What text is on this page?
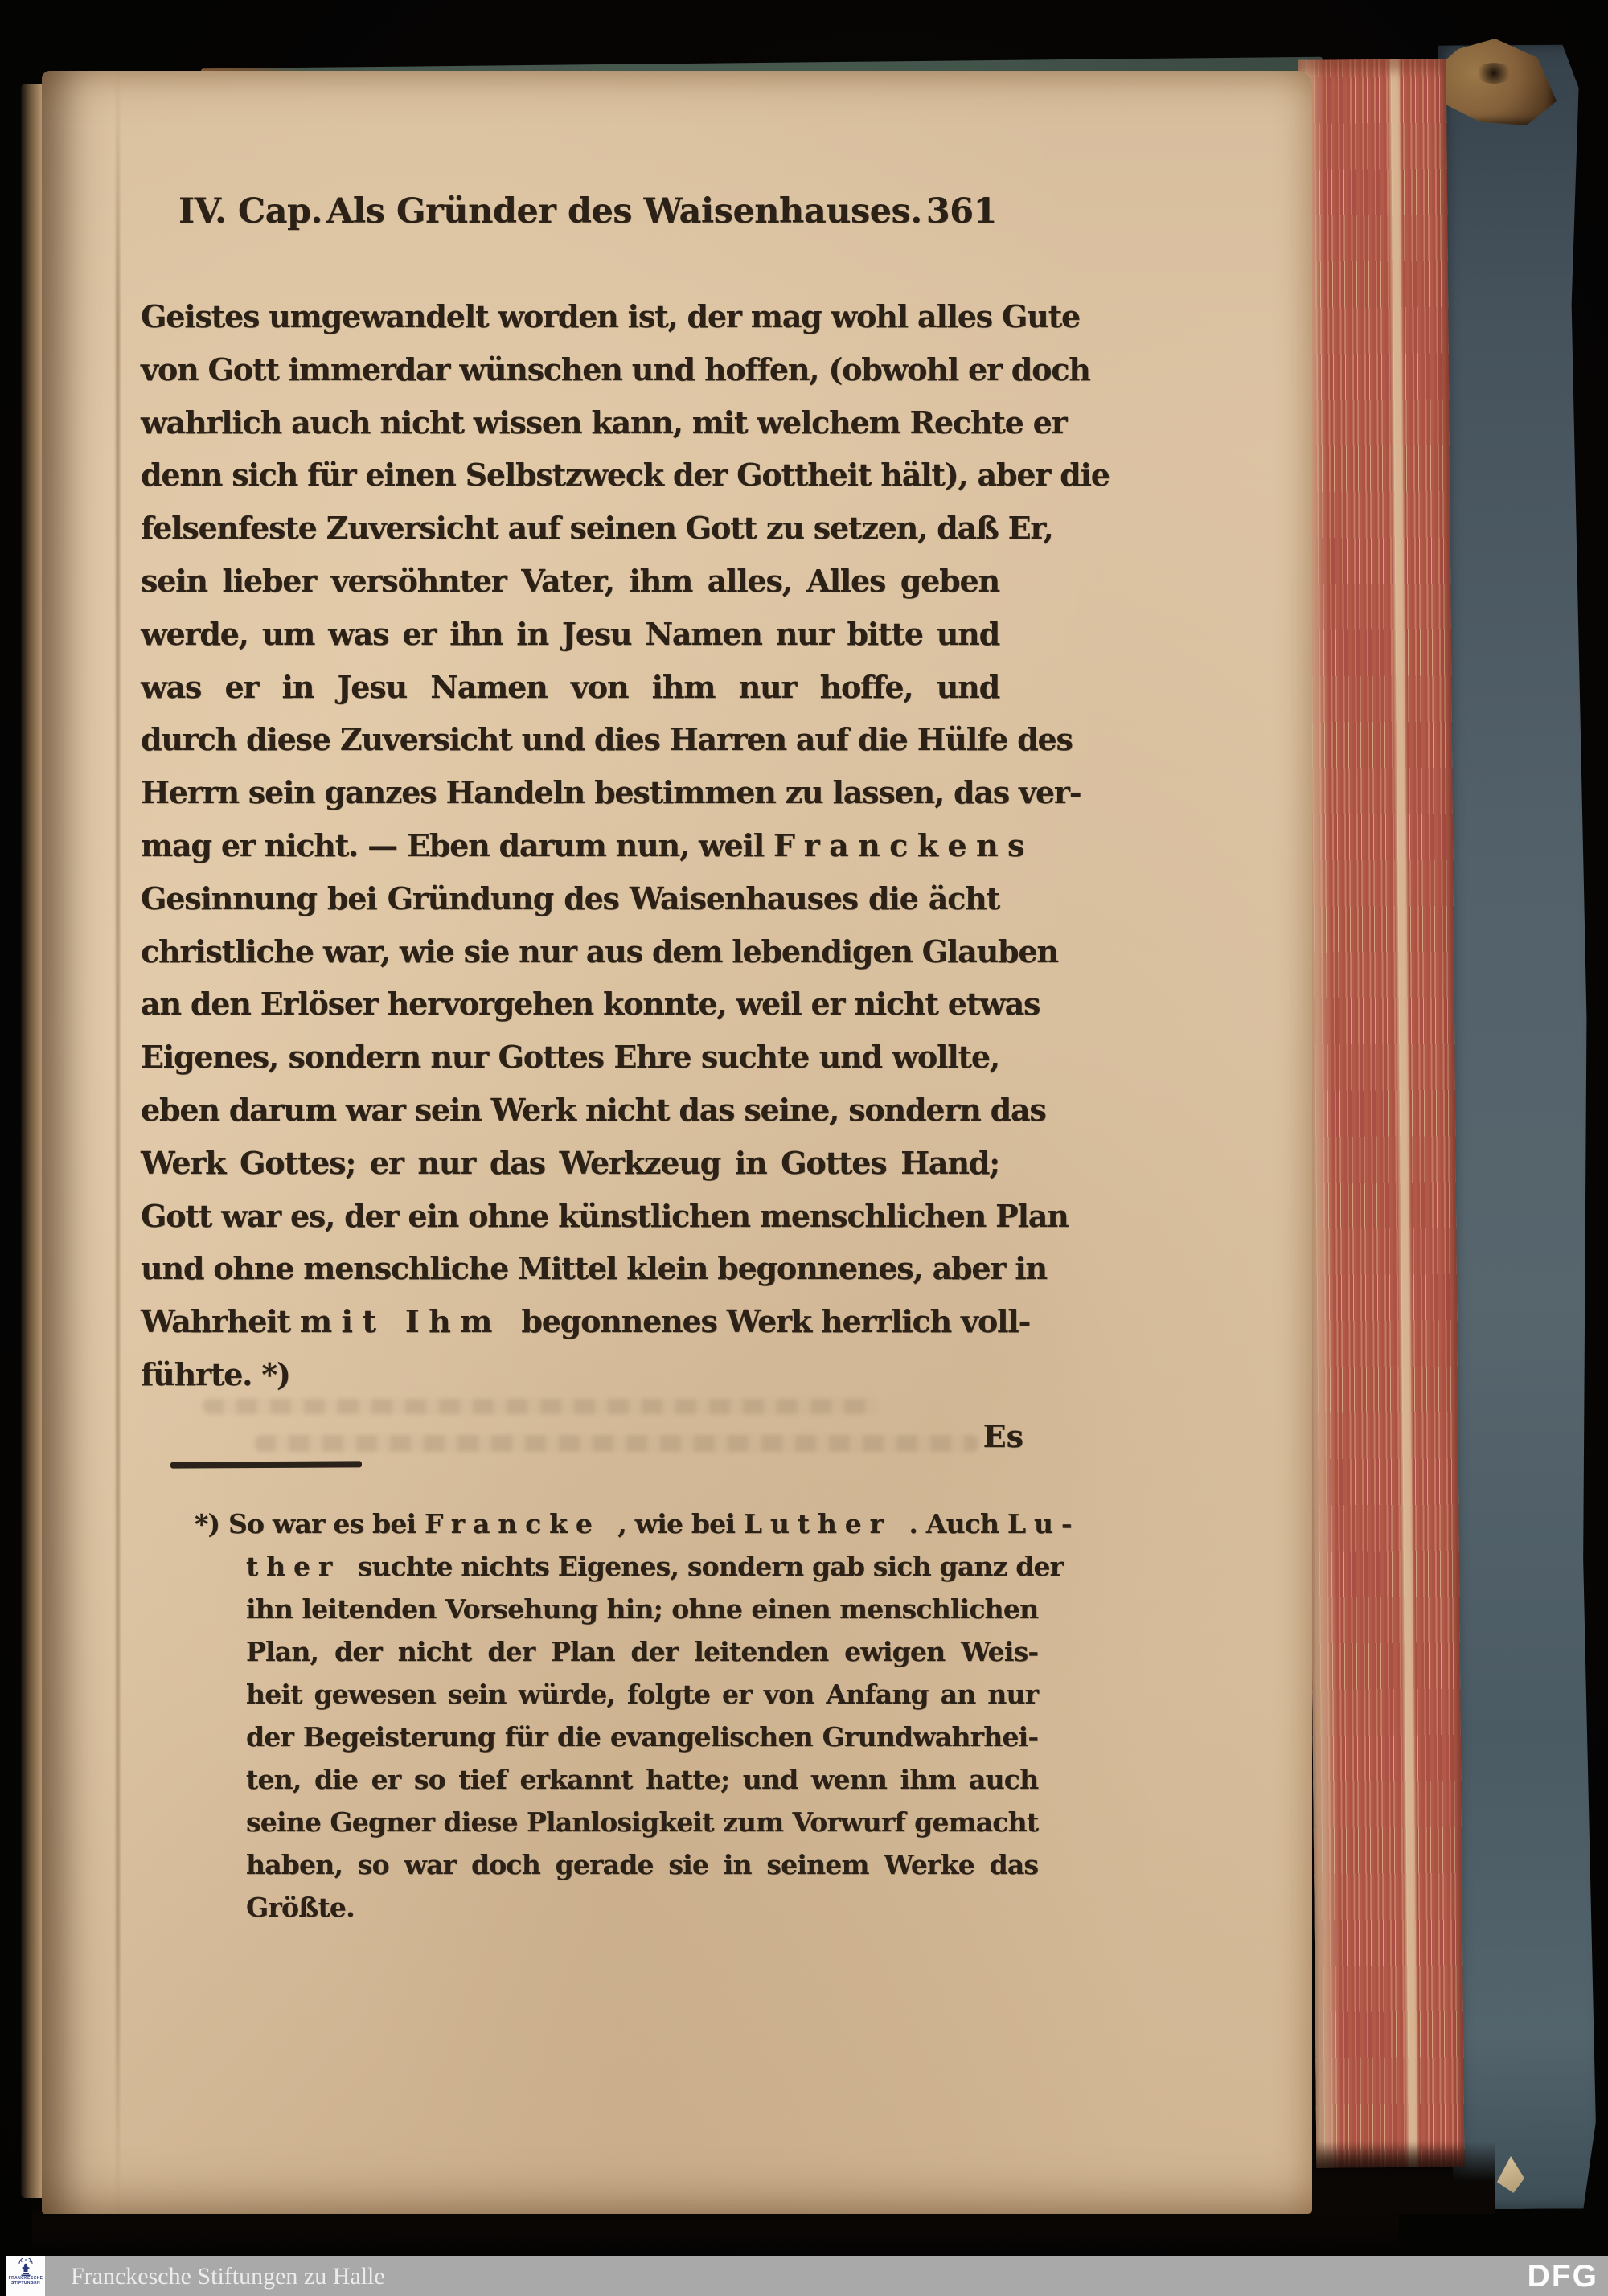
IV. Cap. Als Gründer des Waisenhauses. 361
Geistes umgewandelt worden ist, der mag wohl alles Gute
von Gott immerdar wünschen und hoffen, (obwohl er doch
wahrlich auch nicht wissen kann, mit welchem Rechte er
denn sich für einen Selbstzweck der Gottheit hält), aber die
felsenfeste Zuversicht auf seinen Gott zu setzen, daß Er,
sein lieber versöhnter Vater, ihm alles, Alles geben
werde, um was er ihn in Jesu Namen nur bitte und
was er in Jesu Namen von ihm nur hoffe, und
durch diese Zuversicht und dies Harren auf die Hülfe des
Herrn sein ganzes Handeln bestimmen zu lassen, das ver-
mag er nicht. — Eben darum nun, weil Franckens
Gesinnung bei Gründung des Waisenhauses die ächt
christliche war, wie sie nur aus dem lebendigen Glauben
an den Erlöser hervorgehen konnte, weil er nicht etwas
Eigenes, sondern nur Gottes Ehre suchte und wollte,
eben darum war sein Werk nicht das seine, sondern das
Werk Gottes; er nur das Werkzeug in Gottes Hand;
Gott war es, der ein ohne künstlichen menschlichen Plan
und ohne menschliche Mittel klein begonnenes, aber in
Wahrheit mit Ihm begonnenes Werk herrlich voll-
führte. *)
Es
*) So war es bei Francke , wie bei Luther . Auch Lu-
ther suchte nichts Eigenes, sondern gab sich ganz der
ihn leitenden Vorsehung hin; ohne einen menschlichen
Plan, der nicht der Plan der leitenden ewigen Weis-
heit gewesen sein würde, folgte er von Anfang an nur
der Begeisterung für die evangelischen Grundwahrhei-
ten, die er so tief erkannt hatte; und wenn ihm auch
seine Gegner diese Planlosigkeit zum Vorwurf gemacht
haben, so war doch gerade sie in seinem Werke das
Größte.
FRANCKESCHE
STIFTUNGEN Franckesche Stiftungen zu Halle	DFG
